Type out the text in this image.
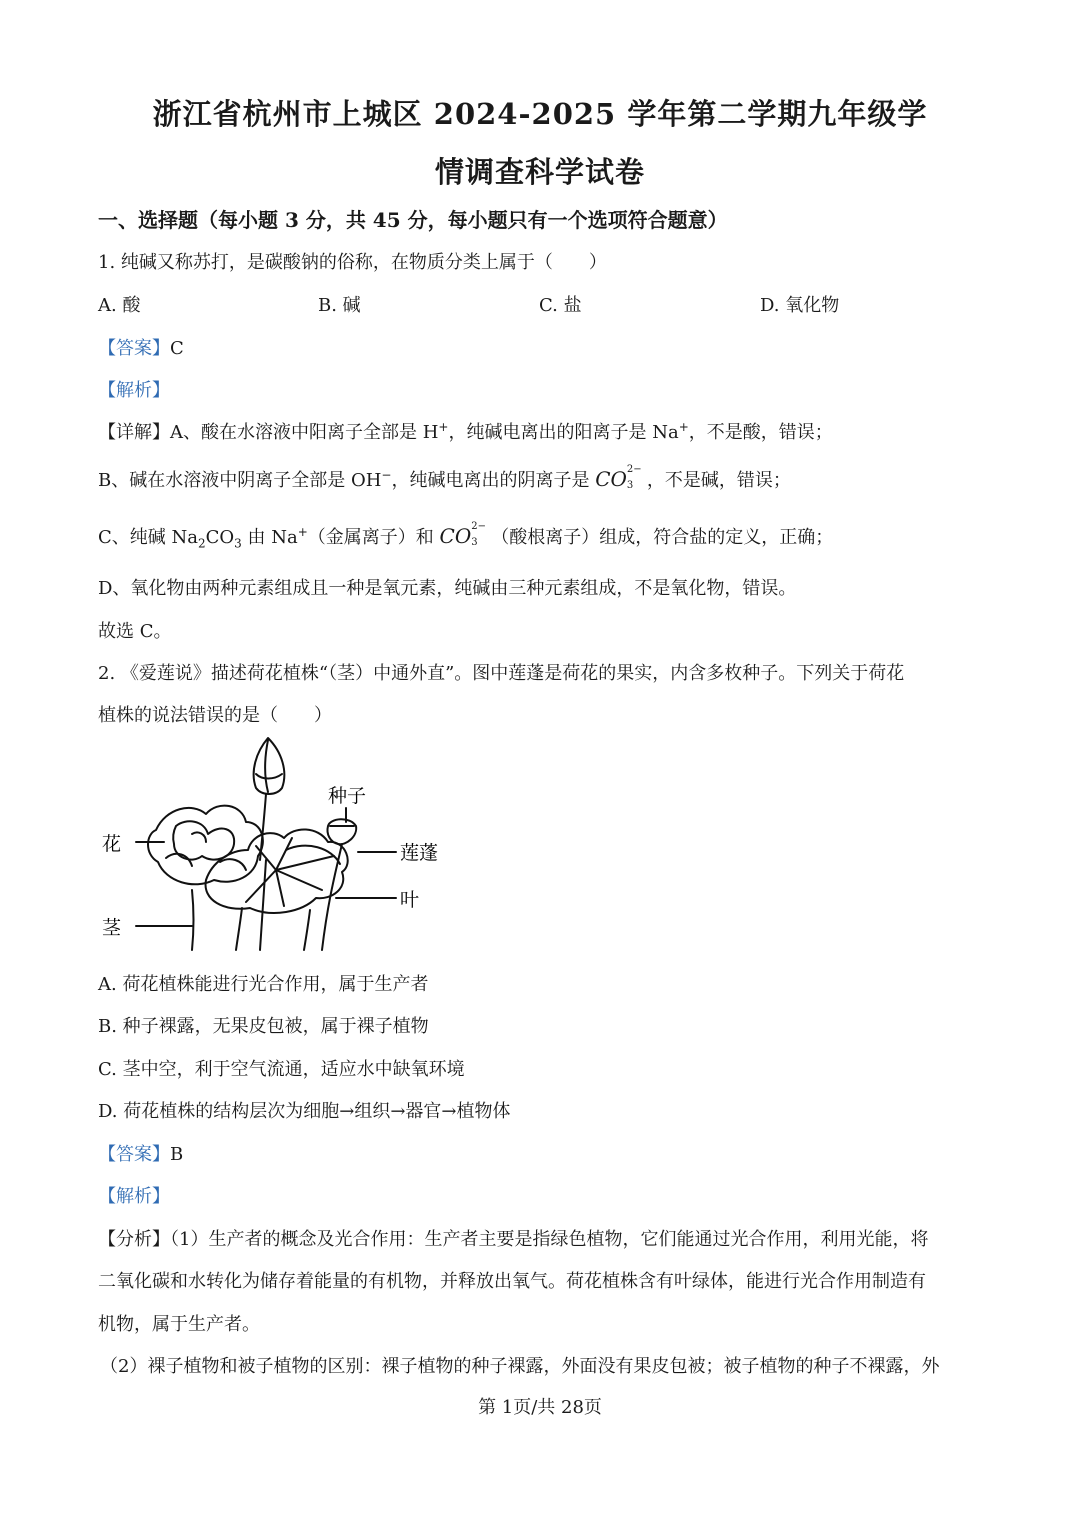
浙江省杭州市上城区 2024-2025 学年第二学期九年级学
情调查科学试卷
一、选择题（每小题 3 分，共 45 分，每小题只有一个选项符合题意）
1. 纯碱又称苏打，是碳酸钠的俗称，在物质分类上属于（　　）
A. 酸	B. 碱	C. 盐	D. 氧化物
【答案】C
【解析】
【详解】A、酸在水溶液中阳离子全部是 H+，纯碱电离出的阳离子是 Na+，不是酸，错误；
B、碱在水溶液中阴离子全部是 OH−，纯碱电离出的阴离子是 CO 2−
3 ，不是碱，错误；
C、纯碱 $Na_2CO_3$ 由 Na+（金属离子）和 CO 2−
3 （酸根离子）组成，符合盐的定义，正确；
D、氧化物由两种元素组成且一种是氧元素，纯碱由三种元素组成，不是氧化物，错误。
故选 C。
2. 《爱莲说》描述荷花植株“（茎）中通外直”。图中莲蓬是荷花的果实，内含多枚种子。下列关于荷花
植株的说法错误的是（　　）
种子
莲蓬
花
叶
茎
A. 荷花植株能进行光合作用，属于生产者
B. 种子裸露，无果皮包被，属于裸子植物
C. 茎中空，利于空气流通，适应水中缺氧环境
D. 荷花植株的结构层次为细胞→组织→器官→植物体
【答案】B
【解析】
【分析】（1）生产者的概念及光合作用：生产者主要是指绿色植物，它们能通过光合作用，利用光能，将
二氧化碳和水转化为储存着能量的有机物，并释放出氧气。荷花植株含有叶绿体，能进行光合作用制造有
机物，属于生产者。
（2）裸子植物和被子植物的区别：裸子植物的种子裸露，外面没有果皮包被；被子植物的种子不裸露，外
第 1页/共 28页
